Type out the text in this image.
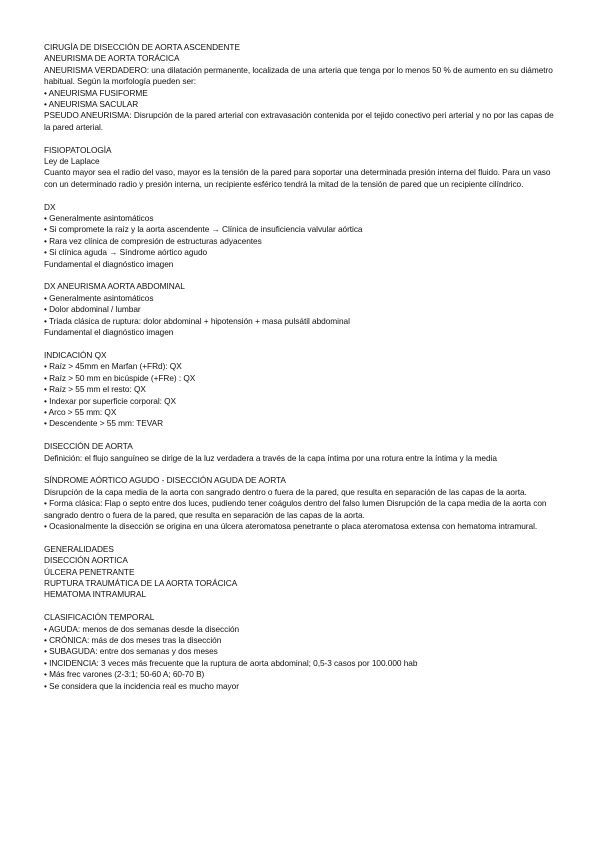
CIRUGÌA DE DISECCIÓN DE AORTA ASCENDENTE
ANEURISMA DE AORTA TORÁCICA
ANEURISMA VERDADERO: una dilatación permanente, localizada de una arteria que tenga por lo menos 50 % de aumento en su diámetro habitual. Según la morfología pueden ser:
• ANEURISMA FUSIFORME
• ANEURISMA SACULAR
PSEUDO ANEURISMA: Disrupción de la pared arterial con extravasación contenida por el tejido conectivo peri arterial y no por las capas de la pared arterial.
FISIOPATOLOGÌA
Ley de Laplace
Cuanto mayor sea el radio del vaso, mayor es la tensión de la pared para soportar una determinada presión interna del fluido. Para un vaso con un determinado radio y presión interna, un recipiente esférico tendrá la mitad de la tensión de pared que un recipiente cilíndrico.
DX
• Generalmente asintomáticos
• Si compromete la raíz y la aorta ascendente → Clínica de insuficiencia valvular aórtica
• Rara vez clínica de compresión de estructuras adyacentes
• Si clínica aguda → Síndrome aórtico agudo
Fundamental el diagnóstico imagen
DX ANEURISMA AORTA ABDOMINAL
• Generalmente asintomáticos
• Dolor abdominal / lumbar
• Triada clásica de ruptura: dolor abdominal + hipotensión + masa pulsátil abdominal
Fundamental el diagnóstico imagen
INDICACIÓN QX
• Raíz > 45mm en Marfan (+FRd): QX
• Raíz > 50 mm en bicúspide (+FRe) : QX
• Raíz > 55 mm el resto: QX
• Indexar por superficie corporal: QX
• Arco > 55 mm: QX
• Descendente > 55 mm: TEVAR
DISECCIÓN DE AORTA
Definición: el flujo sanguíneo se dirige de la luz verdadera a través de la capa íntima por una rotura entre la íntima y la media
SÍNDROME AÓRTICO AGUDO - DISECCIÓN AGUDA DE AORTA
Disrupción de la capa media de la aorta con sangrado dentro o fuera de la pared, que resulta en separación de las capas de la aorta.
• Forma clásica: Flap o septo entre dos luces, pudiendo tener coágulos dentro del falso lumen Disrupción de la capa media de la aorta con sangrado dentro o fuera de la pared, que resulta en separación de las capas de la aorta.
• Ocasionalmente la disección se origina en una úlcera ateromatosa penetrante o placa ateromatosa extensa con hematoma intramural.
GENERALIDADES
DISECCIÓN AORTICA
ÚLCERA PENETRANTE
RUPTURA TRAUMÁTICA DE LA AORTA TORÁCICA
HEMATOMA INTRAMURAL
CLASIFICACIÓN TEMPORAL
• AGUDA: menos de dos semanas desde la disección
• CRÓNICA: más de dos meses tras la disección
• SUBAGUDA: entre dos semanas y dos meses
• INCIDENCIA: 3 veces más frecuente que la ruptura de aorta abdominal; 0,5-3 casos por 100.000 hab
• Más frec varones (2-3:1; 50-60 A; 60-70 B)
• Se considera que la incidencia real es mucho mayor
